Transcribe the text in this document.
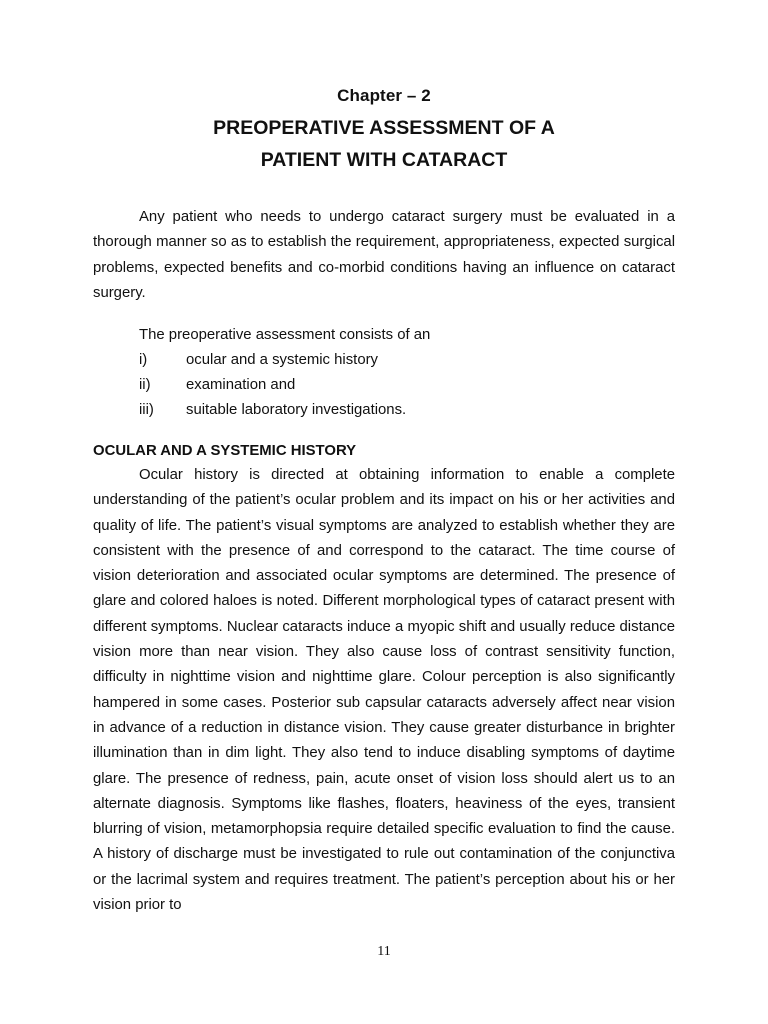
Chapter – 2
PREOPERATIVE ASSESSMENT OF A
PATIENT WITH CATARACT

Any patient who needs to undergo cataract surgery must be evaluated in a thorough manner so as to establish the requirement, appropriateness, expected surgical problems, expected benefits and co-morbid conditions having an influence on cataract surgery.

The preoperative assessment consists of an
i)	ocular and a systemic history
ii)	examination and
iii)	suitable laboratory investigations.
OCULAR AND A SYSTEMIC HISTORY

Ocular history is directed at obtaining information to enable a complete understanding of the patient’s ocular problem and its impact on his or her activities and quality of life. The patient’s visual symptoms are analyzed to establish whether they are consistent with the presence of and correspond to the cataract. The time course of vision deterioration and associated ocular symptoms are determined. The presence of glare and colored haloes is noted. Different morphological types of cataract present with different symptoms. Nuclear cataracts induce a myopic shift and usually reduce distance vision more than near vision. They also cause loss of contrast sensitivity function, difficulty in nighttime vision and nighttime glare. Colour perception is also significantly hampered in some cases. Posterior sub capsular cataracts adversely affect near vision in advance of a reduction in distance vision. They cause greater disturbance in brighter illumination than in dim light. They also tend to induce disabling symptoms of daytime glare. The presence of redness, pain, acute onset of vision loss should alert us to an alternate diagnosis. Symptoms like flashes, floaters, heaviness of the eyes, transient blurring of vision, metamorphopsia require detailed specific evaluation to find the cause. A history of discharge must be investigated to rule out contamination of the conjunctiva or the lacrimal system and requires treatment. The patient’s perception about his or her vision prior to

11
